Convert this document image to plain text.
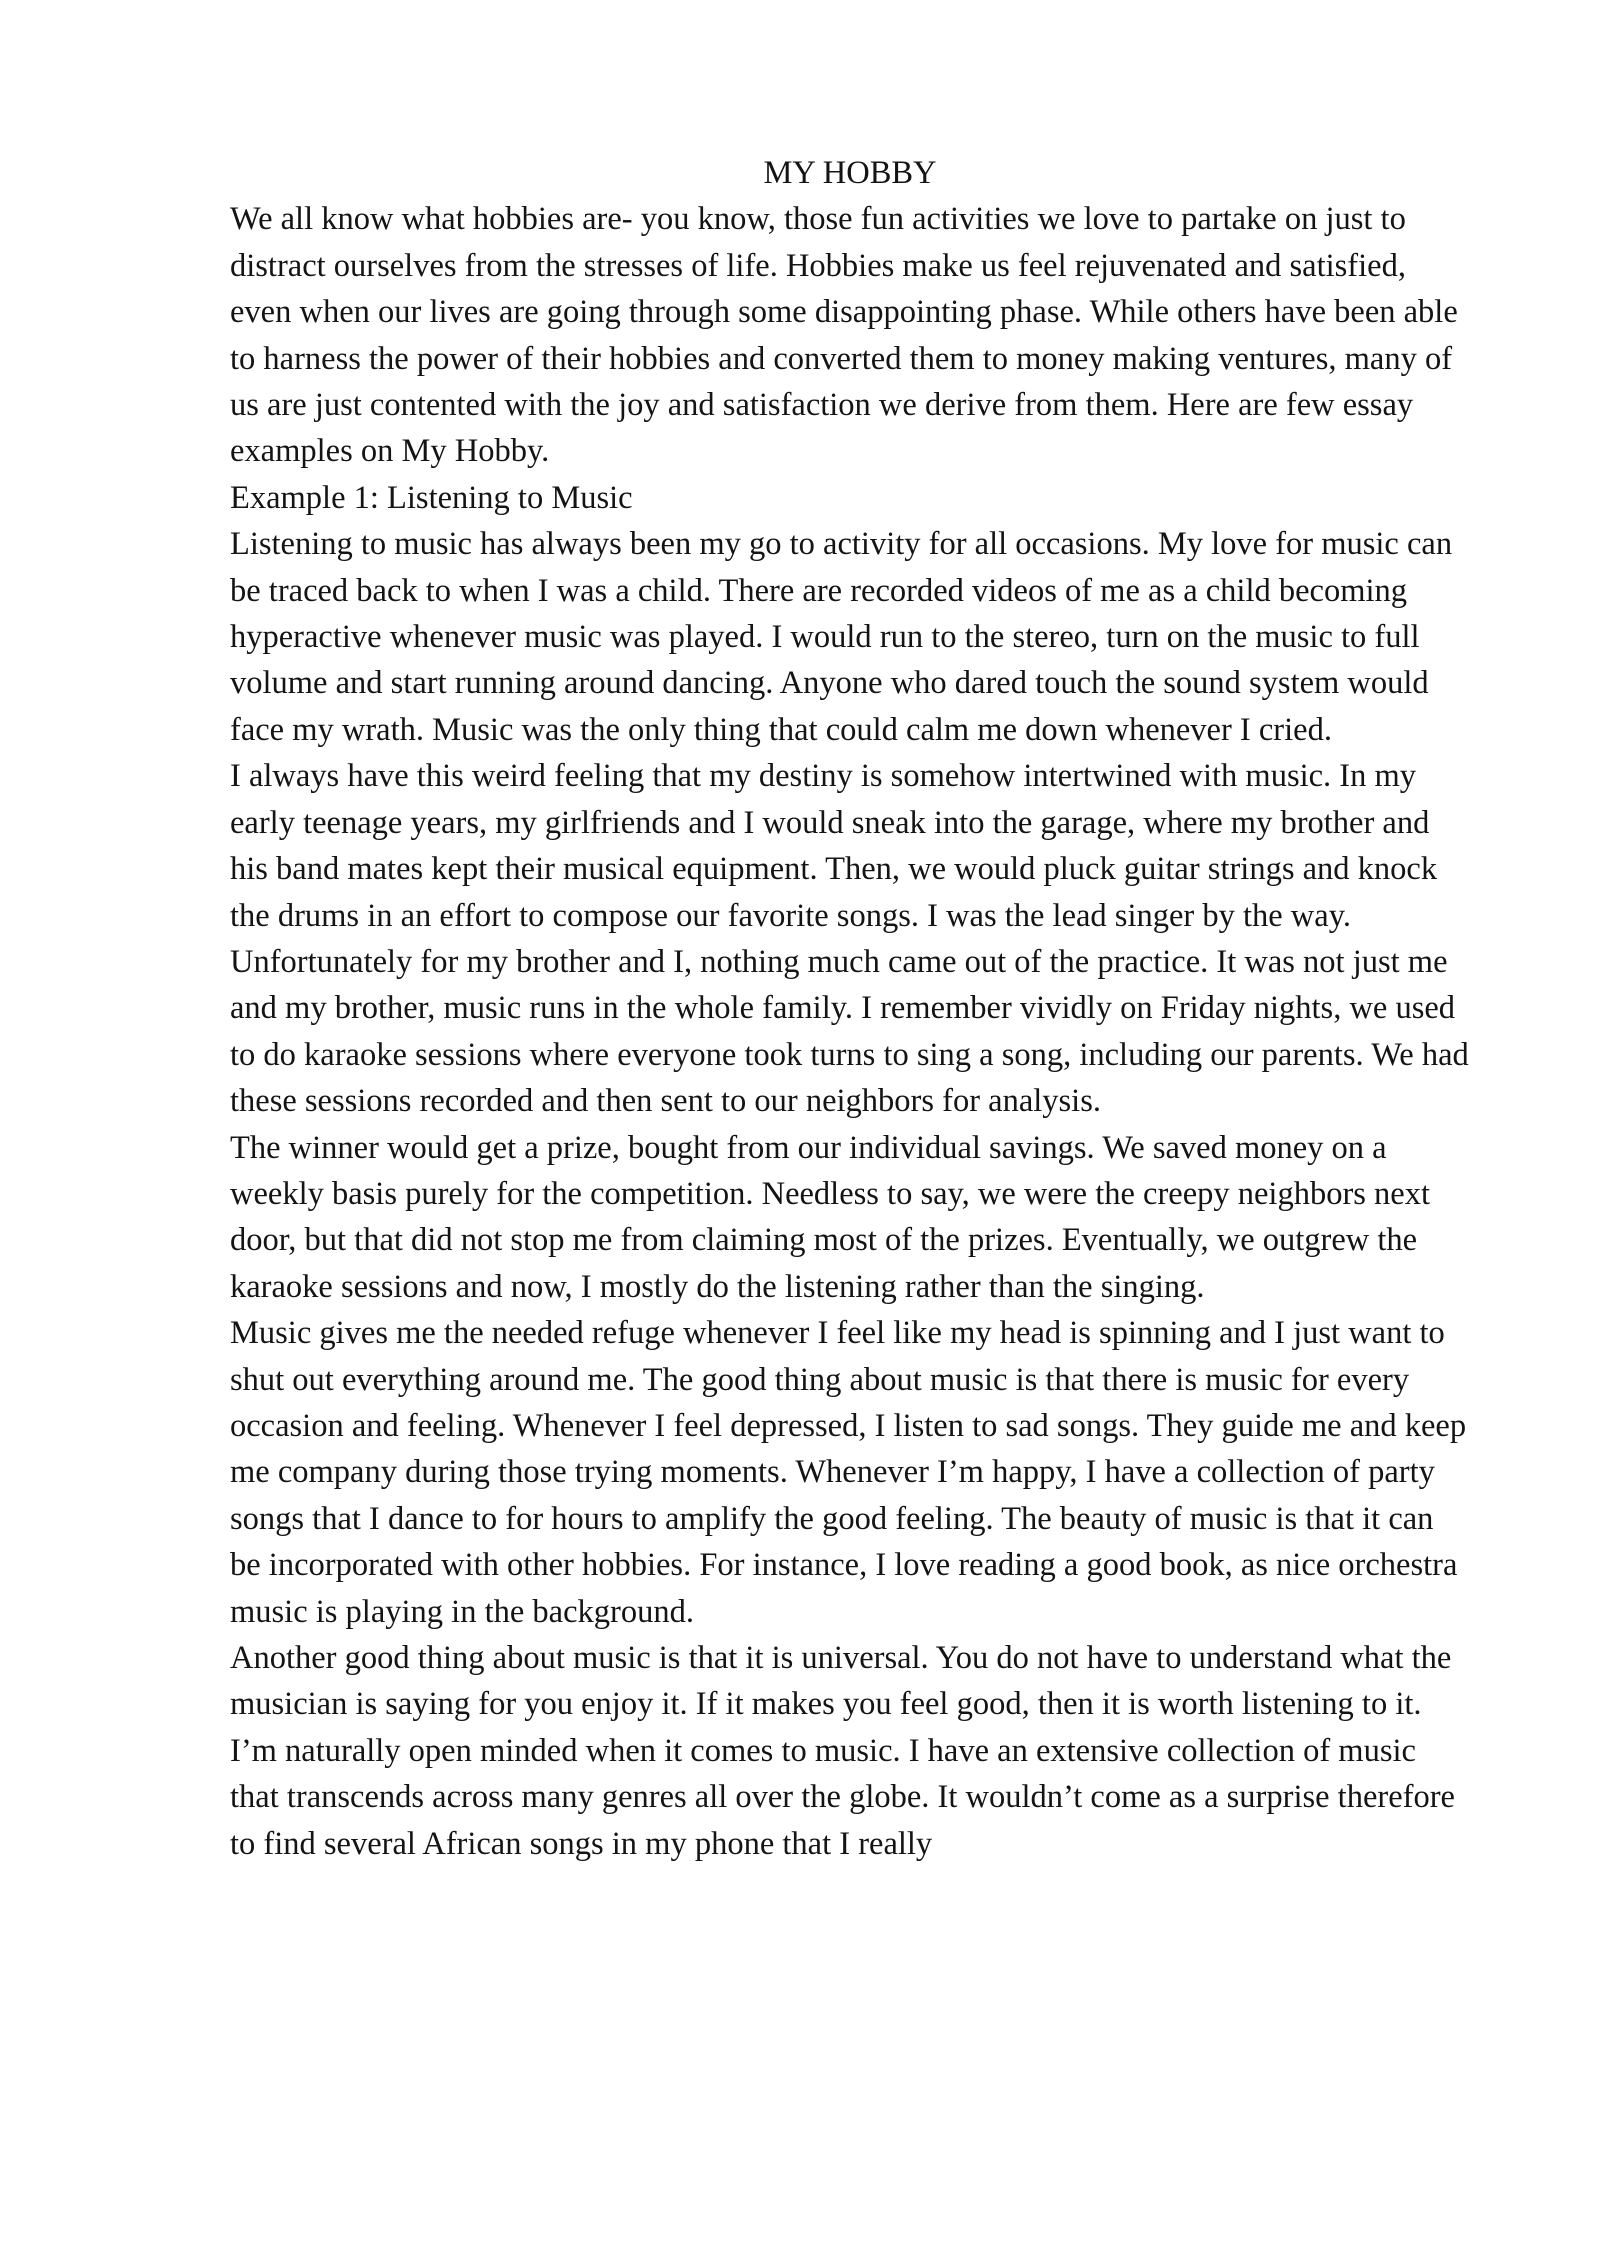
MY HOBBY

We all know what hobbies are- you know, those fun activities we love to partake on just to distract ourselves from the stresses of life. Hobbies make us feel rejuvenated and satisfied, even when our lives are going through some disappointing phase. While others have been able to harness the power of their hobbies and converted them to money making ventures, many of us are just contented with the joy and satisfaction we derive from them. Here are few essay examples on My Hobby.

Example 1: Listening to Music

Listening to music has always been my go to activity for all occasions. My love for music can be traced back to when I was a child. There are recorded videos of me as a child becoming hyperactive whenever music was played. I would run to the stereo, turn on the music to full volume and start running around dancing. Anyone who dared touch the sound system would face my wrath. Music was the only thing that could calm me down whenever I cried.

I always have this weird feeling that my destiny is somehow intertwined with music. In my early teenage years, my girlfriends and I would sneak into the garage, where my brother and his band mates kept their musical equipment. Then, we would pluck guitar strings and knock the drums in an effort to compose our favorite songs. I was the lead singer by the way.

Unfortunately for my brother and I, nothing much came out of the practice. It was not just me and my brother, music runs in the whole family. I remember vividly on Friday nights, we used to do karaoke sessions where everyone took turns to sing a song, including our parents. We had these sessions recorded and then sent to our neighbors for analysis.

The winner would get a prize, bought from our individual savings. We saved money on a weekly basis purely for the competition. Needless to say, we were the creepy neighbors next door, but that did not stop me from claiming most of the prizes. Eventually, we outgrew the karaoke sessions and now, I mostly do the listening rather than the singing.

Music gives me the needed refuge whenever I feel like my head is spinning and I just want to shut out everything around me. The good thing about music is that there is music for every occasion and feeling. Whenever I feel depressed, I listen to sad songs. They guide me and keep me company during those trying moments. Whenever I’m happy, I have a collection of party songs that I dance to for hours to amplify the good feeling. The beauty of music is that it can be incorporated with other hobbies. For instance, I love reading a good book, as nice orchestra music is playing in the background.

Another good thing about music is that it is universal. You do not have to understand what the musician is saying for you enjoy it. If it makes you feel good, then it is worth listening to it. I’m naturally open minded when it comes to music. I have an extensive collection of music that transcends across many genres all over the globe. It wouldn’t come as a surprise therefore to find several African songs in my phone that I really
